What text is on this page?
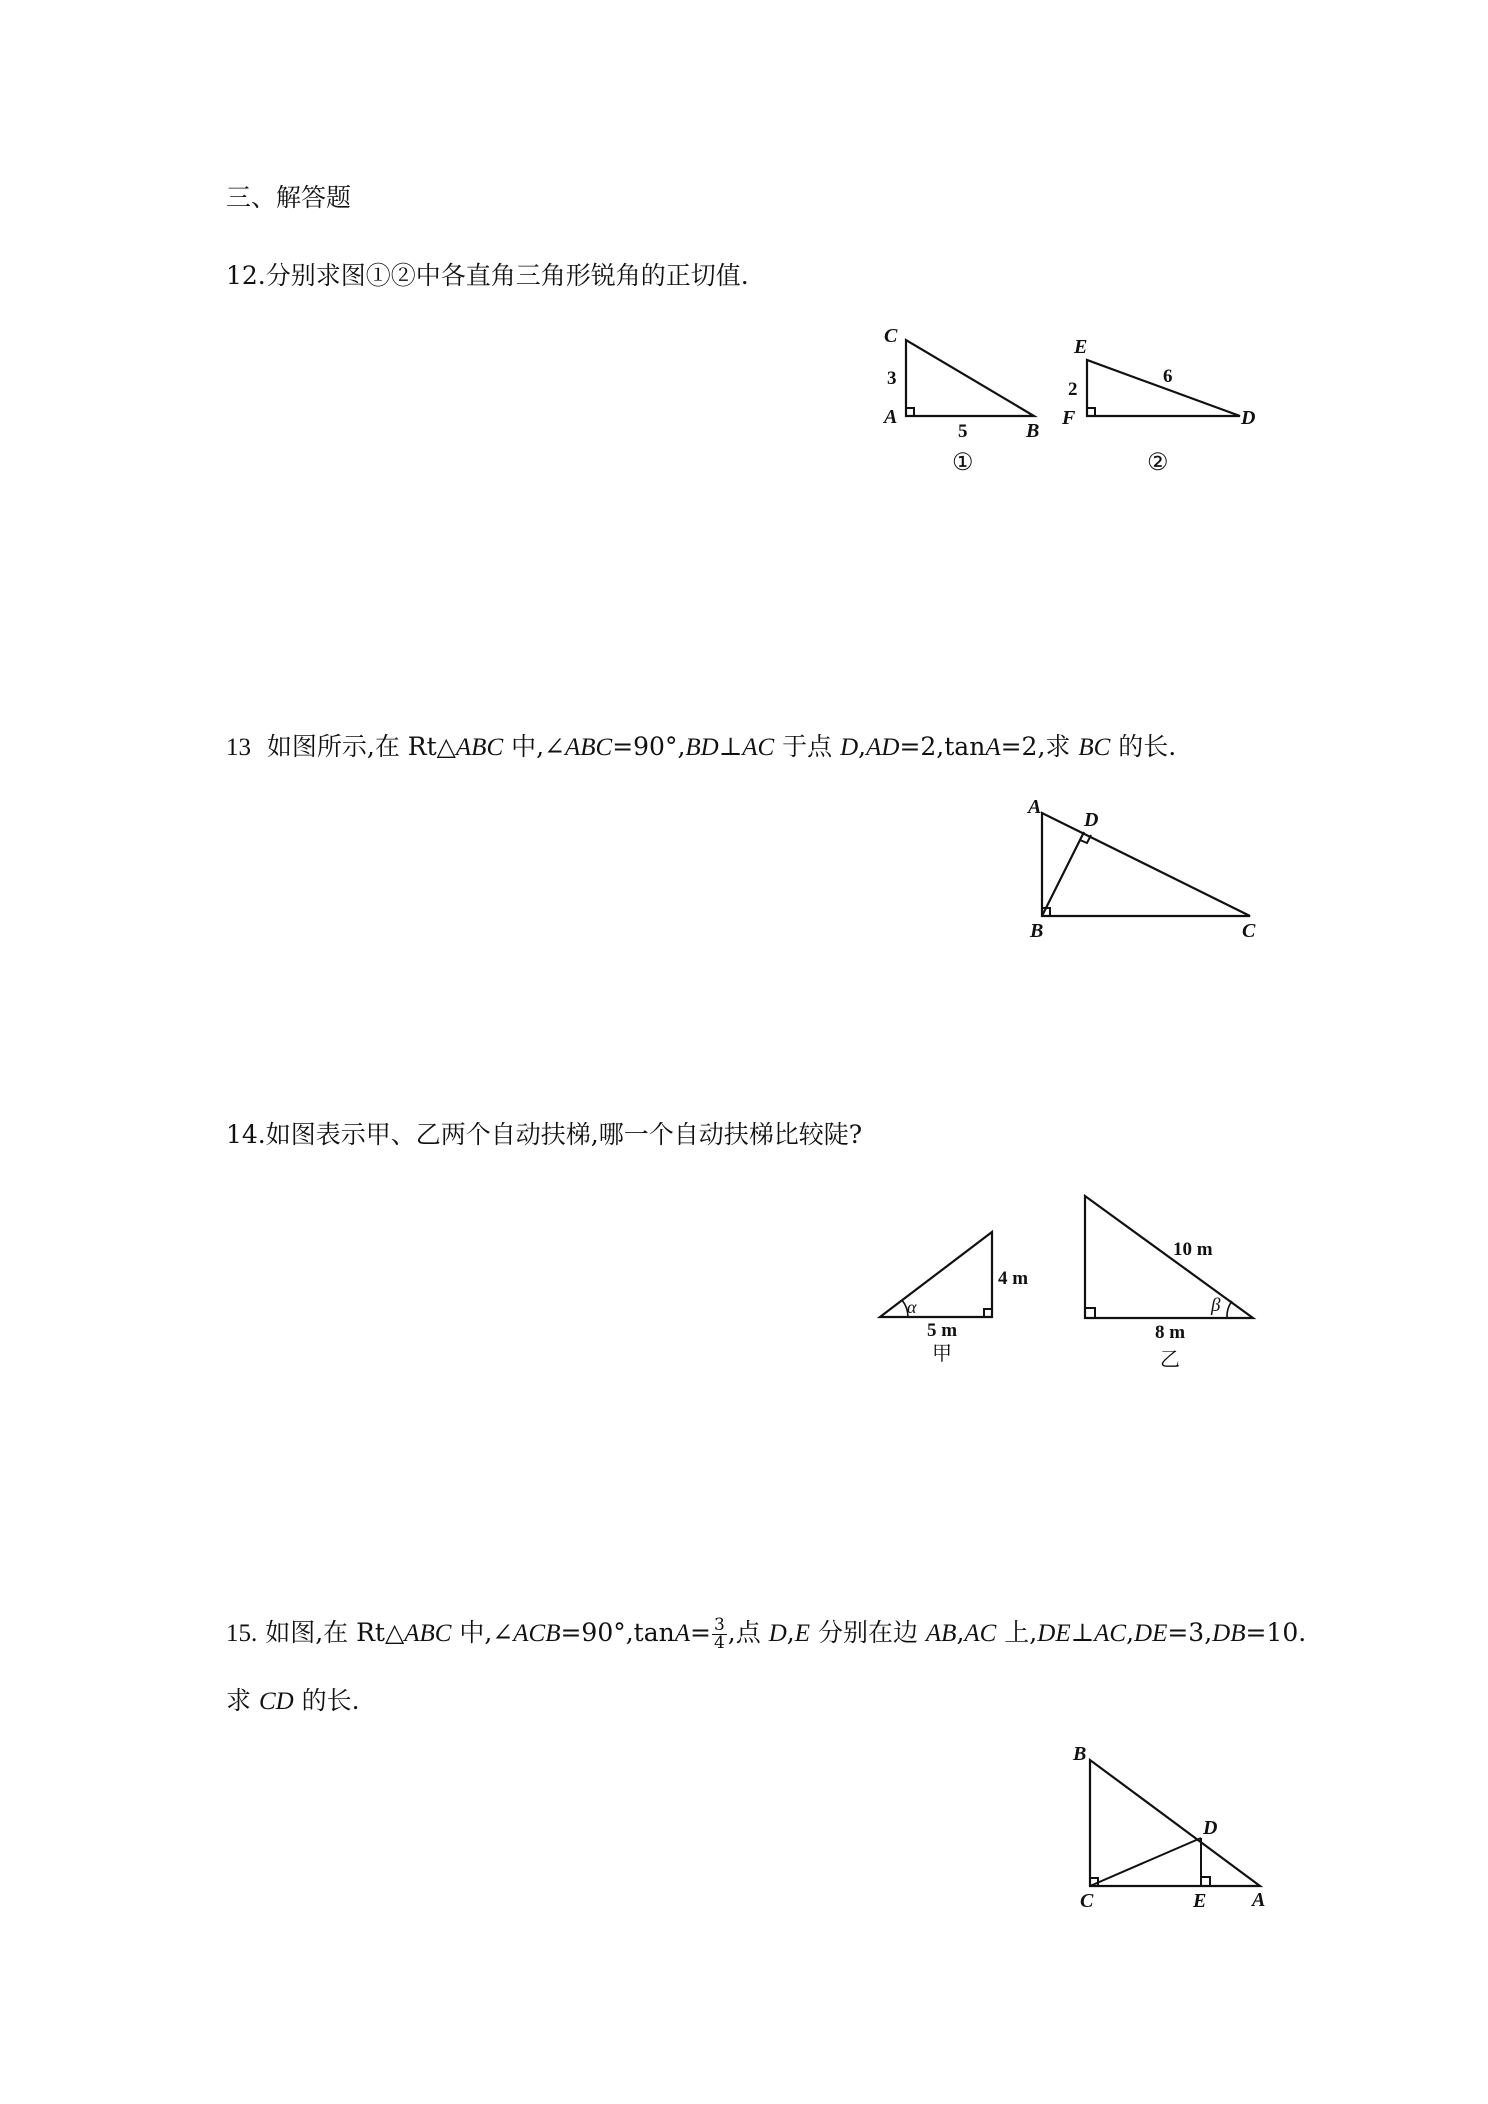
三、解答题
12.分别求图①②中各直角三角形锐角的正切值.
C
A
B
3
5
①
E
F	D
2
6
②
13 如图所示,在 Rt△ABC 中,∠ABC=90°,BD⊥AC 于点 D,AD=2,tanA=2,求 BC 的长.
A
D
B	C
14.如图表示甲、乙两个自动扶梯,哪一个自动扶梯比较陡?
α
4 m
5 m
甲
β
10 m
8 m
乙
15. 如图,在 Rt△ABC 中,∠ACB=90°,tanA= $\frac{3}{4}$ ,点 D,E 分别在边 AB,AC 上,DE⊥AC,DE=3,DB=10.
求 CD 的长.
B
D
C	E A
